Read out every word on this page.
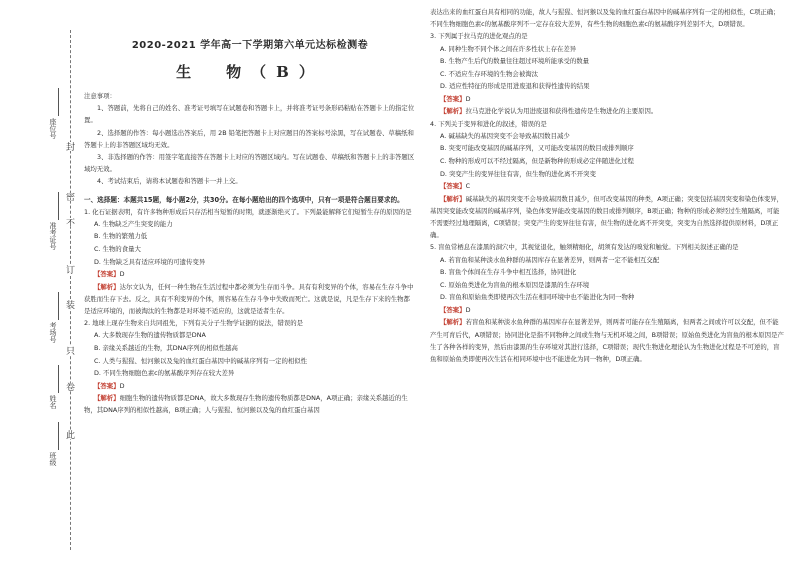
封
密
不
订
装
只
卷
此
座位号
准考证号
考场号
姓名
班级
2020-2021 学年高一下学期第六单元达标检测卷
生　物（B）

注意事项：

1、答题前，先将自己的姓名、准考证号填写在试题卷和答题卡上，并将准考证号条形码粘贴在答题卡上的指定位置。

2、选择题的作答：每小题选出答案后，用 2B 铅笔把答题卡上对应题目的答案标号涂黑，写在试题卷、草稿纸和答题卡上的非答题区域均无效。

3、非选择题的作答：用签字笔直接答在答题卡上对应的答题区域内。写在试题卷、草稿纸和答题卡上的非答题区域均无效。

4、考试结束后，请将本试题卷和答题卡一并上交。

一、选择题：本题共15题，每小题2分，共30分。在每小题给出的四个选项中，只有一项是符合题目要求的。

1. 化石证据表明，有许多物种形成后只存活相当短暂的时期，就逐渐绝灭了。下列最能解释它们短暂生存的原因的是

A. 生物缺乏产生突变的能力

B. 生物的繁殖力低

C. 生物的食量大

D. 生物缺乏具有适应环境的可遗传变异

【答案】D

【解析】达尔文认为，任何一种生物在生活过程中都必须为生存而斗争。具有有利变异的个体，容易在生存斗争中获胜而生存下去。反之，具有不利变异的个体，则容易在生存斗争中失败而死亡。这就是说，凡是生存下来的生物都是适应环境的，而被淘汰的生物都是对环境不适应的，这就是适者生存。

2. 地球上现存生物来自共同祖先，下列有关分子生物学证据的说法，错误的是

A. 大多数现存生物的遗传物质都是DNA

B. 亲缘关系越近的生物，其DNA序列的相似性越高

C. 人类与猩猩、恒河猴以及兔的血红蛋白基因中的碱基序列有一定的相似性

D. 不同生物细胞色素c的氨基酸序列存在较大差异

【答案】D

【解析】细胞生物的遗传物质都是DNA，故大多数现存生物的遗传物质都是DNA，A项正确；亲缘关系越近的生物，其DNA序列的相似性越高，B项正确；人与猩猩、恒河猴以及兔的血红蛋白基因

表达出来的血红蛋白具有相同的功能，故人与猩猩、恒河猴以及兔的血红蛋白基因中的碱基序列有一定的相似性，C项正确；不同生物细胞色素c的氨基酸序列不一定存在较大差异，有些生物的细胞色素c的氨基酸序列差别不大，D项错误。

3. 下列属于拉马克的进化观点的是

A. 同种生物不同个体之间在许多性状上存在差异

B. 生物产生后代的数量往往超过环境所能承受的数量

C. 不适应生存环境的生物会被淘汰

D. 适应性特征的形成是用进废退和获得性遗传的结果

【答案】D

【解析】拉马克进化学说认为用进废退和获得性遗传是生物进化的主要原因。

4. 下列关于变异和进化的叙述，错误的是

A. 碱基缺失的基因突变不会导致基因数目减少

B. 突变可能改变基因的碱基序列，又可能改变基因的数目或排列顺序

C. 物种的形成可以不经过隔离，但是新物种的形成必定伴随进化过程

D. 突变产生的变异往往有害，但生物的进化离不开突变

【答案】C

【解析】碱基缺失的基因突变不会导致基因数目减少，但可改变基因的种类，A项正确；突变包括基因突变和染色体变异，基因突变能改变基因的碱基序列，染色体变异能改变基因的数目或排列顺序，B项正确；物种的形成必须经过生殖隔离，可能不需要经过地理隔离，C项错误；突变产生的变异往往有害，但生物的进化离不开突变，突变为自然选择提供原材料，D项正确。

5. 盲鱼常栖息在漆黑的洞穴中，其视觉退化，触须精细化，胡须有发达的嗅觉和触觉。下列相关叙述正确的是

A. 若盲鱼和某种淡水鱼种群的基因库存在显著差异，则两者一定不能相互交配

B. 盲鱼个体间在生存斗争中相互选择，协同进化

C. 原始鱼类进化为盲鱼的根本原因是漆黑的生存环境

D. 盲鱼和原始鱼类即使再次生活在相同环境中也不能进化为同一物种

【答案】D

【解析】若盲鱼和某种淡水鱼种群的基因库存在显著差异，则两者可能存在生殖隔离，但两者之间或许可以交配，但不能产生可育后代，A项错误；协同进化是指不同物种之间或生物与无机环境之间，B项错误；原始鱼类进化为盲鱼的根本原因是产生了各种各样的变异，然后由漆黑的生存环境对其进行选择，C项错误；现代生物进化理论认为生物进化过程是不可逆的，盲鱼和原始鱼类即使再次生活在相同环境中也不能进化为同一物种，D项正确。
